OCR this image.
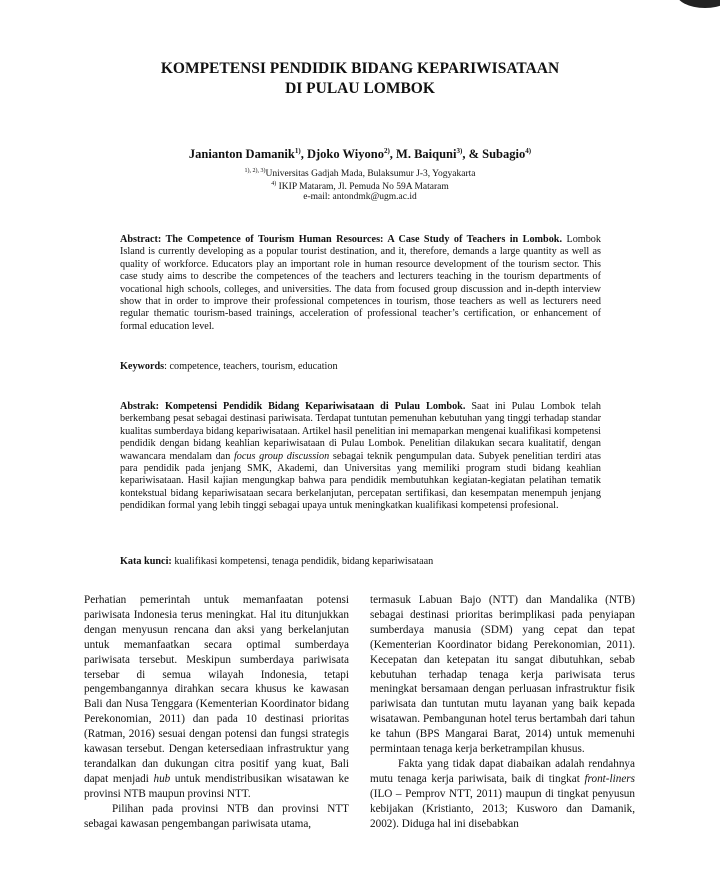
KOMPETENSI PENDIDIK BIDANG KEPARIWISATAAN
DI PULAU LOMBOK
Janianton Damanik$^{1)}$, Djoko Wiyono$^{2)}$, M. Baiquni$^{3)}$, & Subagio$^{4)}$
$^{1), 2), 3)}$Universitas Gadjah Mada, Bulaksumur J-3, Yogyakarta
$^{4)}$ IKIP Mataram, Jl. Pemuda No 59A Mataram
e-mail: antondmk@ugm.ac.id

Abstract: The Competence of Tourism Human Resources: A Case Study of Teachers in Lombok. Lombok Island is currently developing as a popular tourist destination, and it, therefore, demands a large quantity as well as quality of workforce. Educators play an important role in human resource development of the tourism sector. This case study aims to describe the competences of the teachers and lecturers teaching in the tourism departments of vocational high schools, colleges, and universities. The data from focused group discussion and in-depth interview show that in order to improve their professional competences in tourism, those teachers as well as lecturers need regular thematic tourism-based trainings, acceleration of professional teacher’s certification, or enhancement of formal education level.

Keywords: competence, teachers, tourism, education

Abstrak: Kompetensi Pendidik Bidang Kepariwisataan di Pulau Lombok. Saat ini Pulau Lombok telah berkembang pesat sebagai destinasi pariwisata. Terdapat tuntutan pemenuhan kebutuhan yang tinggi terhadap standar kualitas sumberdaya bidang kepariwisataan. Artikel hasil penelitian ini memaparkan mengenai kualifikasi kompetensi pendidik dengan bidang keahlian kepariwisataan di Pulau Lombok. Penelitian dilakukan secara kualitatif, dengan wawancara mendalam dan focus group discussion sebagai teknik pengumpulan data. Subyek penelitian terdiri atas para pendidik pada jenjang SMK, Akademi, dan Universitas yang memiliki program studi bidang keahlian kepariwisataan. Hasil kajian mengungkap bahwa para pendidik membutuhkan kegiatan-kegiatan pelatihan tematik kontekstual bidang kepariwisataan secara berkelanjutan, percepatan sertifikasi, dan kesempatan menempuh jenjang pendidikan formal yang lebih tinggi sebagai upaya untuk meningkatkan kualifikasi kompetensi profesional.

Kata kunci: kualifikasi kompetensi, tenaga pendidik, bidang kepariwisataan

Perhatian pemerintah untuk memanfaatan potensi pariwisata Indonesia terus meningkat. Hal itu ditunjukkan dengan menyusun rencana dan aksi yang berkelanjutan untuk memanfaatkan secara optimal sumberdaya pariwisata tersebut. Meskipun sumberdaya pariwisata tersebar di semua wilayah Indonesia, tetapi pengembangannya dirahkan secara khusus ke kawasan Bali dan Nusa Tenggara (Kementerian Koordinator bidang Perekonomian, 2011) dan pada 10 destinasi prioritas (Ratman, 2016) sesuai dengan potensi dan fungsi strategis kawasan tersebut. Dengan ketersediaan infrastruktur yang terandalkan dan dukungan citra positif yang kuat, Bali dapat menjadi hub untuk mendistribusikan wisatawan ke provinsi NTB maupun provinsi NTT.

Pilihan pada provinsi NTB dan provinsi NTT sebagai kawasan pengembangan pariwisata utama,

termasuk Labuan Bajo (NTT) dan Mandalika (NTB) sebagai destinasi prioritas berimplikasi pada penyiapan sumberdaya manusia (SDM) yang cepat dan tepat (Kementerian Koordinator bidang Perekonomian, 2011). Kecepatan dan ketepatan itu sangat dibutuhkan, sebab kebutuhan terhadap tenaga kerja pariwisata terus meningkat bersamaan dengan perluasan infrastruktur fisik pariwisata dan tuntutan mutu layanan yang baik kepada wisatawan. Pembangunan hotel terus bertambah dari tahun ke tahun (BPS Mangarai Barat, 2014) untuk memenuhi permintaan tenaga kerja berketrampilan khusus.

Fakta yang tidak dapat diabaikan adalah rendahnya mutu tenaga kerja pariwisata, baik di tingkat front-liners (ILO – Pemprov NTT, 2011) maupun di tingkat penyusun kebijakan (Kristianto, 2013; Kusworo dan Damanik, 2002). Diduga hal ini disebabkan
